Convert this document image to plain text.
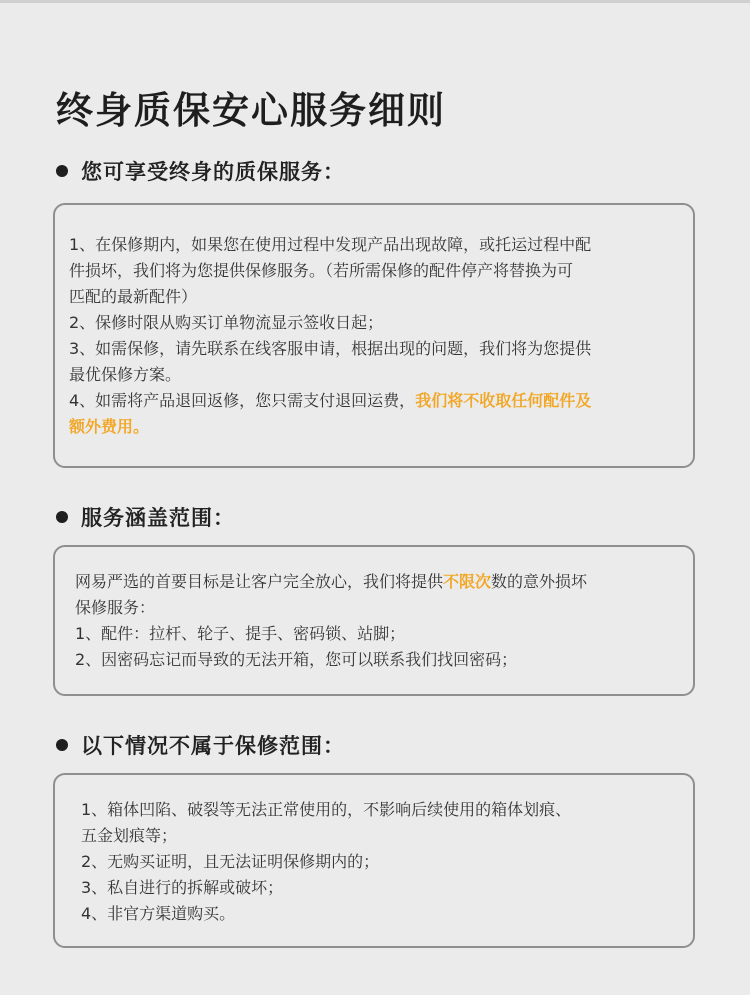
终身质保安心服务细则
您可享受终身的质保服务：
1、在保修期内，如果您在使用过程中发现产品出现故障，或托运过程中配
件损坏，我们将为您提供保修服务。（若所需保修的配件停产将替换为可
匹配的最新配件）
2、保修时限从购买订单物流显示签收日起；
3、如需保修，请先联系在线客服申请，根据出现的问题，我们将为您提供
最优保修方案。
4、如需将产品退回返修，您只需支付退回运费，我们将不收取任何配件及
额外费用。
服务涵盖范围：
网易严选的首要目标是让客户完全放心，我们将提供不限次数的意外损坏
保修服务：
1、配件：拉杆、轮子、提手、密码锁、站脚；
2、因密码忘记而导致的无法开箱，您可以联系我们找回密码；
以下情况不属于保修范围：
1、箱体凹陷、破裂等无法正常使用的，不影响后续使用的箱体划痕、
五金划痕等；
2、无购买证明，且无法证明保修期内的；
3、私自进行的拆解或破坏；
4、非官方渠道购买。
